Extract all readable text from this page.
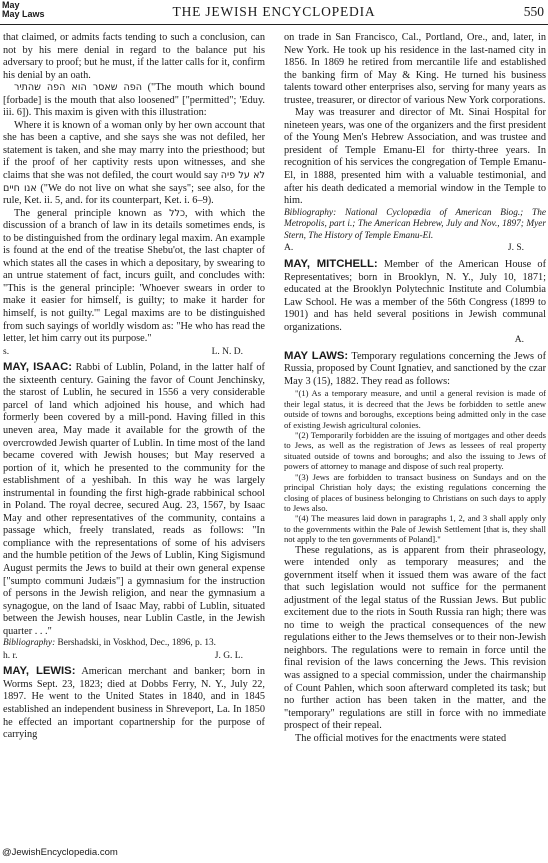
May
May Laws	THE JEWISH ENCYCLOPEDIA	550

that claimed, or admits facts tending to such a conclusion, can not by his mere denial in regard to the balance put his adversary to proof; but he must, if the latter calls for it, confirm his denial by an oath.

הפה שאסר הוא הפה שהתיר ("The mouth which bound [forbade] is the mouth that also loosened" ["permitted"; 'Eduy. iii. 6]). This maxim is given with this illustration:

Where it is known of a woman only by her own account that she has been a captive, and she says she was not defiled, her statement is taken, and she may marry into the priesthood; but if the proof of her captivity rests upon witnesses, and she claims that she was not defiled, the court would say לא על פיה אנו חיים ("We do not live on what she says"; see also, for the rule, Ket. ii. 5, and. for its counterpart, Ket. i. 6–9).

The general principle known as כלל, with which the discussion of a branch of law in its details sometimes ends, is to be distinguished from the ordinary legal maxim. An example is found at the end of the treatise Shebu'ot, the last chapter of which states all the cases in which a depositary, by swearing to an untrue statement of fact, incurs guilt, and concludes with: "This is the general principle: 'Whoever swears in order to make it easier for himself, is guilty; to make it harder for himself, is not guilty.'" Legal maxims are to be distinguished from such sayings of worldly wisdom as: "He who has read the letter, let him carry out its purpose."

s.	L. N. D.

MAY, ISAAC: Rabbi of Lublin, Poland, in the latter half of the sixteenth century. Gaining the favor of Count Jenchinsky, the starost of Lublin, he secured in 1556 a very considerable parcel of land which adjoined his house, and which had formerly been covered by a mill-pond. Having filled in this uneven area, May made it available for the growth of the overcrowded Jewish quarter of Lublin. In time most of the land became covered with Jewish houses; but May reserved a portion of it, which he presented to the community for the establishment of a yeshibah. In this way he was largely instrumental in founding the first high-grade rabbinical school in Poland. The royal decree, secured Aug. 23, 1567, by Isaac May and other representatives of the community, contains a passage which, freely translated, reads as follows: "In compliance with the representations of some of his advisers and the humble petition of the Jews of Lublin, King Sigismund August permits the Jews to build at their own general expense ["sumpto communi Judæis"] a gymnasium for the instruction of persons in the Jewish religion, and near the gymnasium a synagogue, on the land of Isaac May, rabbi of Lublin, situated between the Jewish houses, near Lublin Castle, in the Jewish quarter . . ."

Bibliography: Bershadski, in Voskhod, Dec., 1896, p. 13.

h. r.	J. G. L.

MAY, LEWIS: American merchant and banker; born in Worms Sept. 23, 1823; died at Dobbs Ferry, N. Y., July 22, 1897. He went to the United States in 1840, and in 1845 established an independent business in Shreveport, La. In 1850 he effected an important copartnership for the purpose of carrying

on trade in San Francisco, Cal., Portland, Ore., and, later, in New York. He took up his residence in the last-named city in 1856. In 1869 he retired from mercantile life and established the banking firm of May & King. He turned his business talents toward other enterprises also, serving for many years as trustee, treasurer, or director of various New York corporations.

May was treasurer and director of Mt. Sinai Hospital for nineteen years, was one of the organizers and the first president of the Young Men's Hebrew Association, and was trustee and president of Temple Emanu-El for thirty-three years. In recognition of his services the congregation of Temple Emanu-El, in 1888, presented him with a valuable testimonial, and after his death dedicated a memorial window in the Temple to him.

Bibliography: National Cyclopædia of American Biog.; The Metropolis, part i.; The American Hebrew, July and Nov., 1897; Myer Stern, The History of Temple Emanu-El.

A.	J. S.

MAY, MITCHELL: Member of the American House of Representatives; born in Brooklyn, N. Y., July 10, 1871; educated at the Brooklyn Polytechnic Institute and Columbia Law School. He was a member of the 56th Congress (1899 to 1901) and has held several positions in Jewish communal organizations.

A.

MAY LAWS: Temporary regulations concerning the Jews of Russia, proposed by Count Ignatiev, and sanctioned by the czar May 3 (15), 1882. They read as follows:

"(1) As a temporary measure, and until a general revision is made of their legal status, it is decreed that the Jews be forbidden to settle anew outside of towns and boroughs, exceptions being admitted only in the case of existing Jewish agricultural colonies.

"(2) Temporarily forbidden are the issuing of mortgages and other deeds to Jews, as well as the registration of Jews as lessees of real property situated outside of towns and boroughs; and also the issuing to Jews of powers of attorney to manage and dispose of such real property.

"(3) Jews are forbidden to transact business on Sundays and on the principal Christian holy days; the existing regulations concerning the closing of places of business belonging to Christians on such days to apply to Jews also.

"(4) The measures laid down in paragraphs 1, 2, and 3 shall apply only to the governments within the Pale of Jewish Settlement [that is, they shall not apply to the ten governments of Poland]."

These regulations, as is apparent from their phraseology, were intended only as temporary measures; and the government itself when it issued them was aware of the fact that such legislation would not suffice for the permanent adjustment of the legal status of the Russian Jews. But public excitement due to the riots in South Russia ran high; there was no time to weigh the practical consequences of the new regulations either to the Jews themselves or to their non-Jewish neighbors. The regulations were to remain in force until the final revision of the laws concerning the Jews. This revision was assigned to a special commission, under the chairmanship of Count Pahlen, which soon afterward completed its task; but no further action has been taken in the matter, and the "temporary" regulations are still in force with no immediate prospect of their repeal.

The official motives for the enactments were stated

@JewishEncyclopedia.com
